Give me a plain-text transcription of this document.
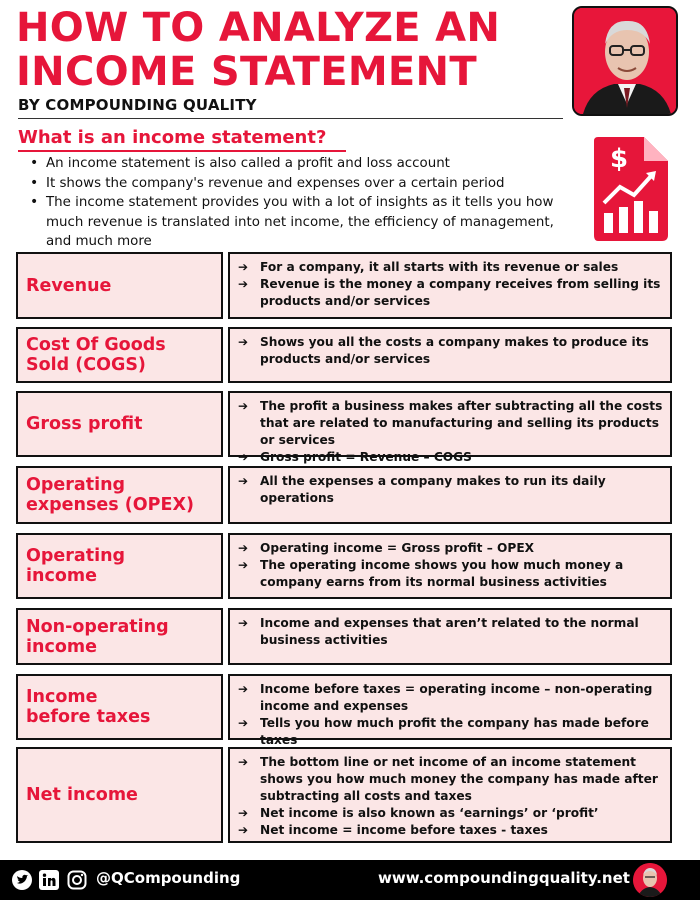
HOW TO ANALYZE AN
INCOME STATEMENT
BY COMPOUNDING QUALITY
What is an income statement?
• An income statement is also called a profit and loss account
• It shows the company's revenue and expenses over a certain period
• The income statement provides you with a lot of insights as it tells you how much revenue is translated into net income, the efficiency of management, and much more
$
Revenue
➔ For a company, it all starts with its revenue or sales
➔ Revenue is the money a company receives from selling its products and/or services
Cost Of Goods
Sold (COGS)
➔ Shows you all the costs a company makes to produce its products and/or services
Gross profit
➔ The profit a business makes after subtracting all the costs that are related to manufacturing and selling its products or services
➔ Gross profit = Revenue – COGS
Operating
expenses (OPEX)
➔ All the expenses a company makes to run its daily operations
Operating
income
➔ Operating income = Gross profit – OPEX
➔ The operating income shows you how much money a company earns from its normal business activities
Non-operating
income
➔ Income and expenses that aren’t related to the normal business activities
Income
before taxes
➔ Income before taxes = operating income – non-operating income and expenses
➔ Tells you how much profit the company has made before taxes
Net income
➔ The bottom line or net income of an income statement shows you how much money the company has made after subtracting all costs and taxes
➔ Net income is also known as ‘earnings’ or ‘profit’
➔ Net income = income before taxes - taxes
@QCompounding	www.compoundingquality.net
